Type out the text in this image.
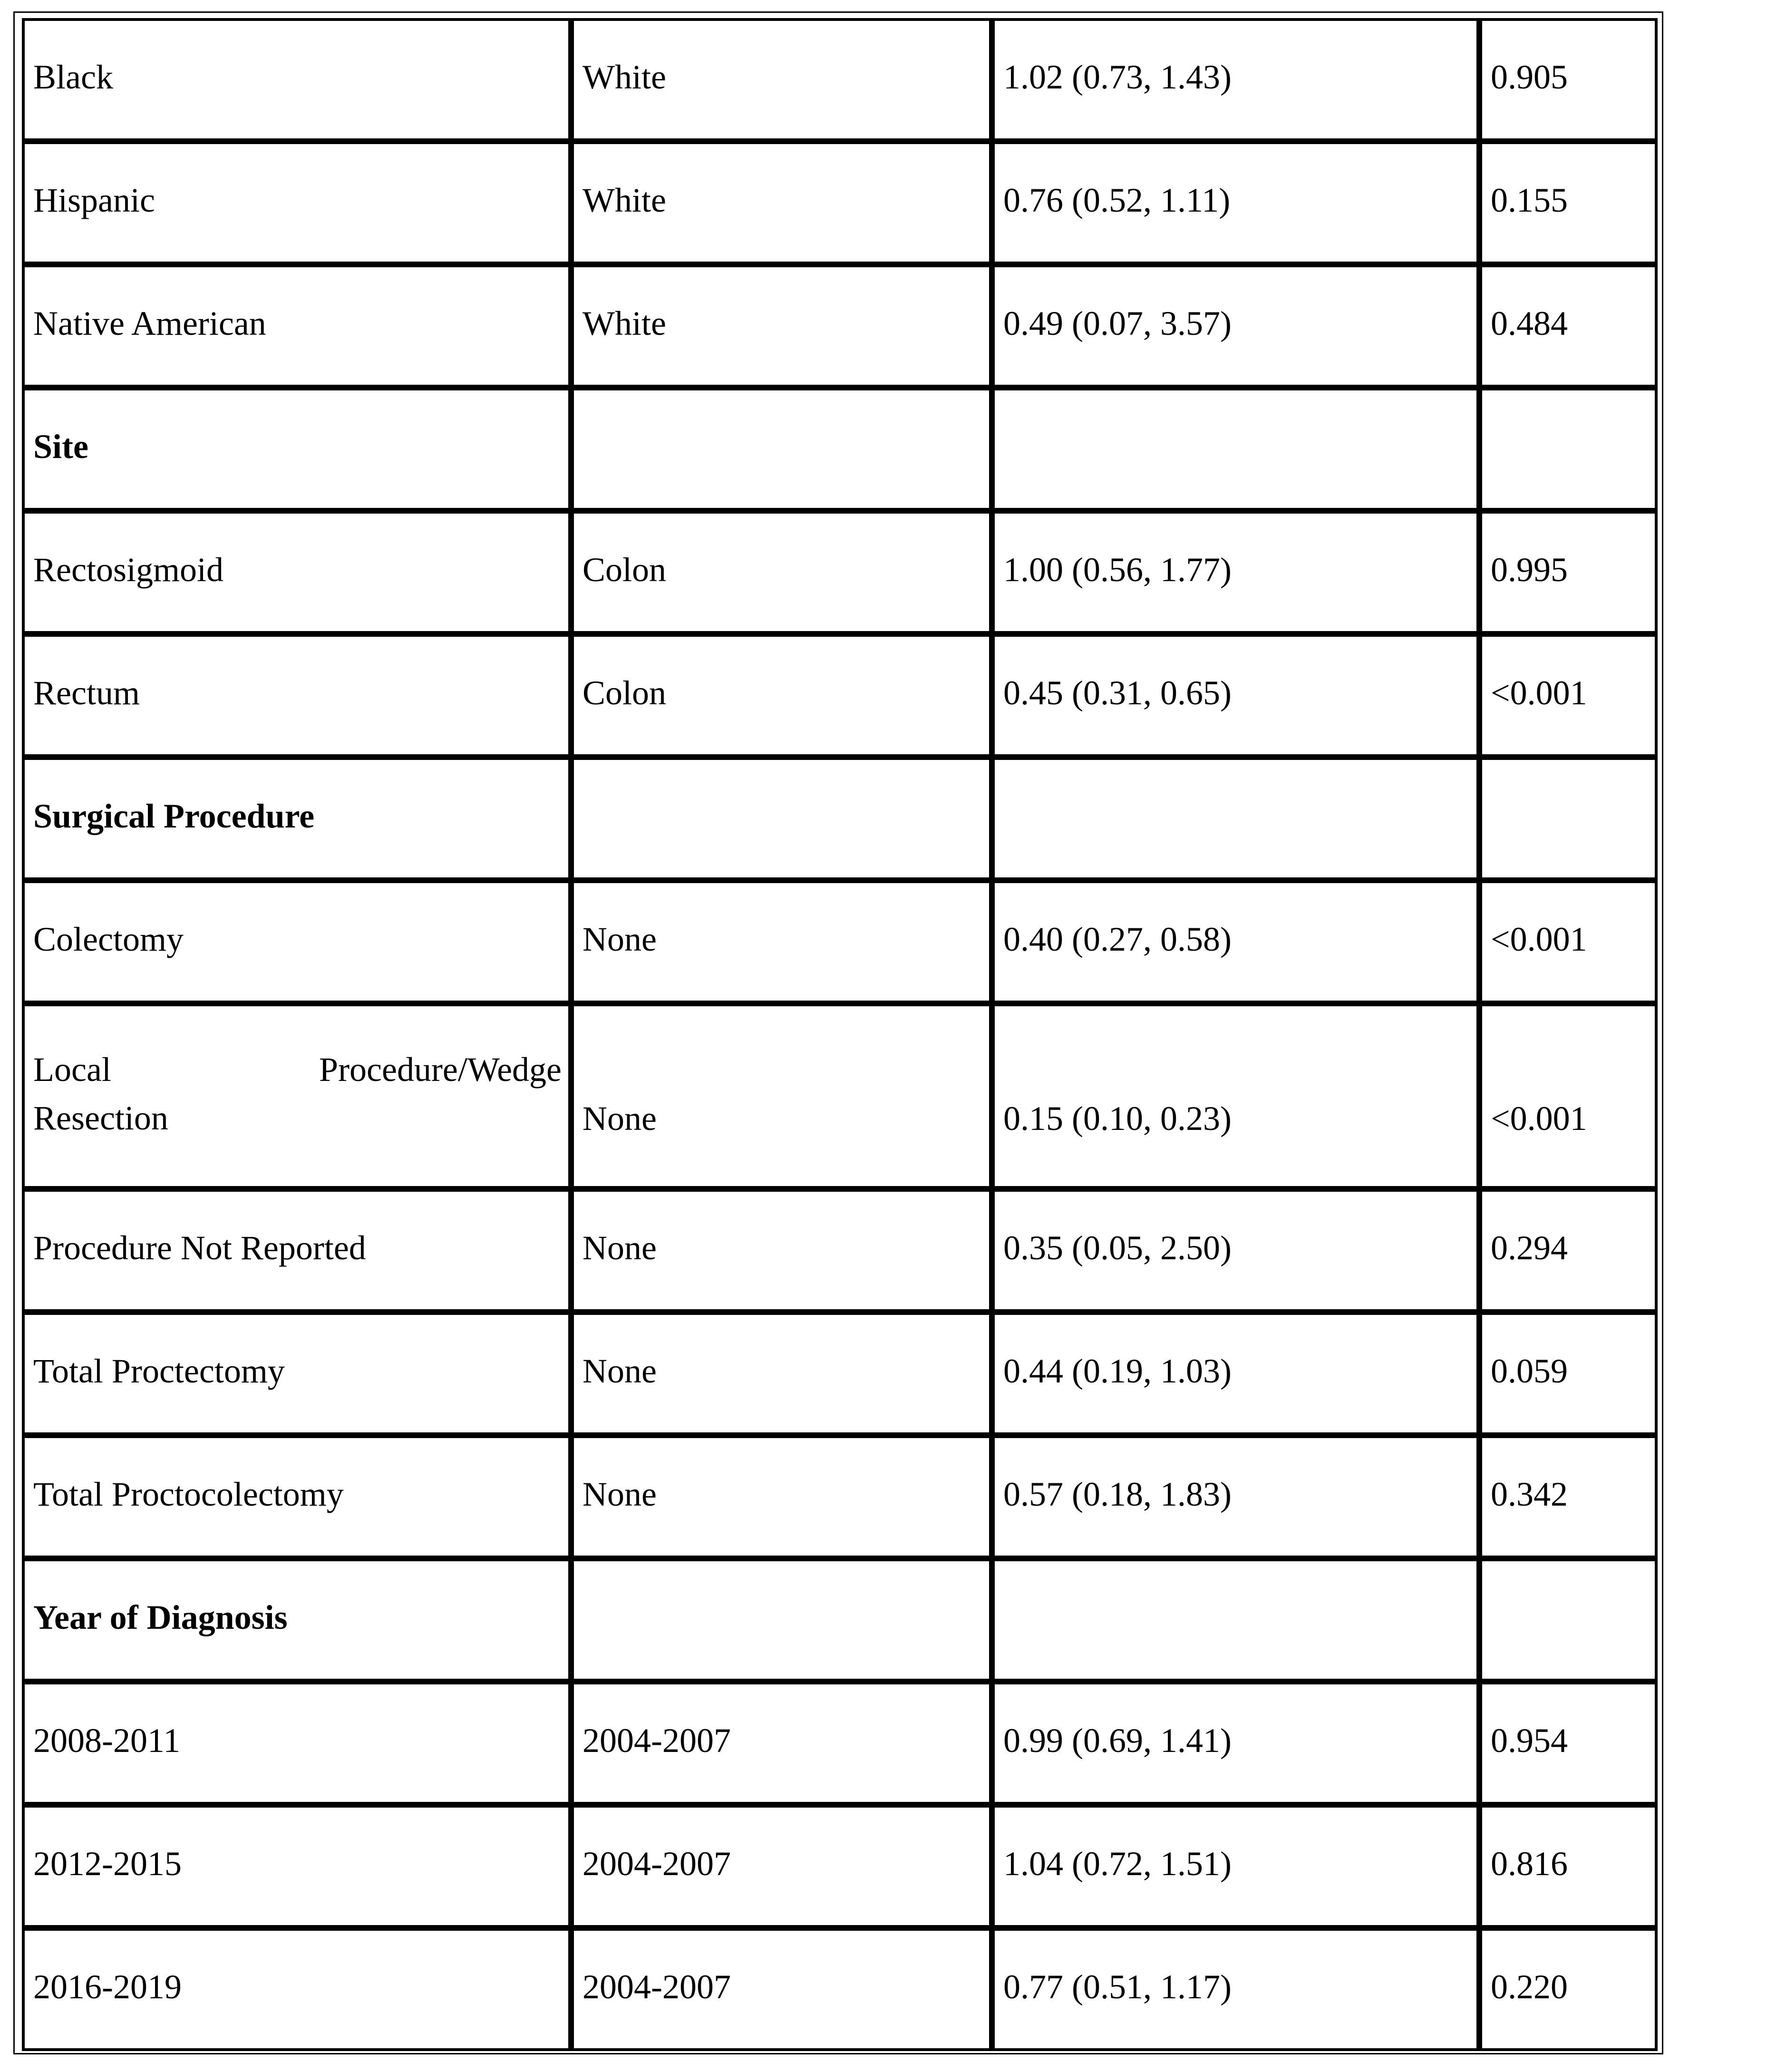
Black	White	1.02 (0.73, 1.43)	0.905

Hispanic	White	0.76 (0.52, 1.11)	0.155

Native American	White	0.49 (0.07, 3.57)	0.484

Site			

Rectosigmoid	Colon	1.00 (0.56, 1.77)	0.995

Rectum	Colon	0.45 (0.31, 0.65)	<0.001

Surgical Procedure			

Colectomy	None	0.40 (0.27, 0.58)	<0.001

Local Procedure/Wedge
Resection	None	0.15 (0.10, 0.23)	<0.001

Procedure Not Reported	None	0.35 (0.05, 2.50)	0.294

Total Proctectomy	None	0.44 (0.19, 1.03)	0.059

Total Proctocolectomy	None	0.57 (0.18, 1.83)	0.342

Year of Diagnosis			

2008-2011	2004-2007	0.99 (0.69, 1.41)	0.954

2012-2015	2004-2007	1.04 (0.72, 1.51)	0.816

2016-2019	2004-2007	0.77 (0.51, 1.17)	0.220
